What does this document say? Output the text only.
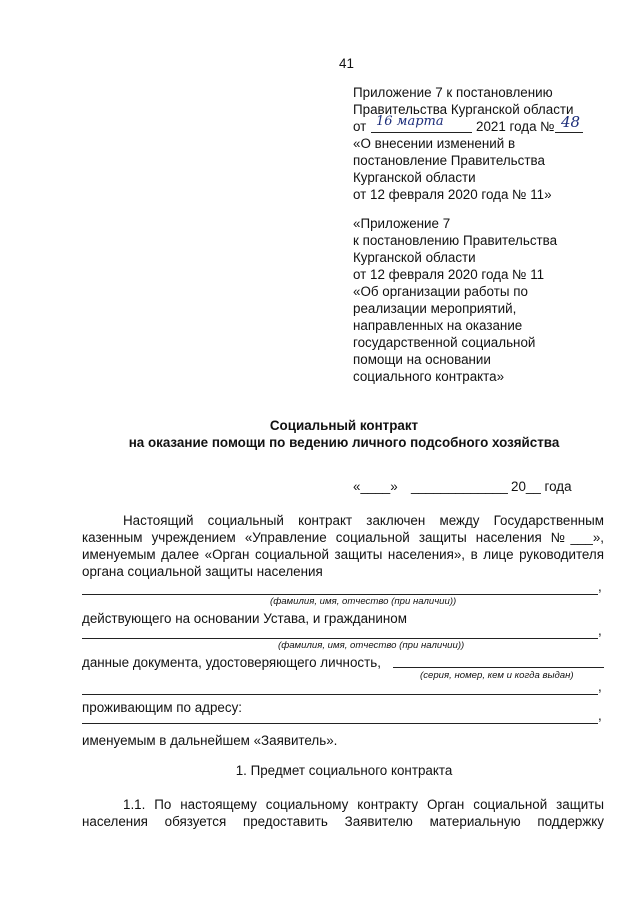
41
Приложение 7 к постановлению
Правительства Курганской области
от 16 марта 2021 года № 48
«О внесении изменений в
постановление Правительства
Курганской области
от 12 февраля 2020 года № 11»
«Приложение 7
к постановлению Правительства
Курганской области
от 12 февраля 2020 года № 11
«Об организации работы по
реализации мероприятий,
направленных на оказание
государственной социальной
помощи на основании
социального контракта»
Социальный контракт
на оказание помощи по ведению личного подсобного хозяйства
«____» _____________ 20__ года
Настоящий социальный контракт заключен между Государственным
казенным учреждением «Управление социальной защиты населения №___»,
именуемым далее «Орган социальной защиты населения», в лице руководителя
органа социальной защиты населения
,
(фамилия, имя, отчество (при наличии))
действующего на основании Устава, и гражданином
,
(фамилия, имя, отчество (при наличии))
данные документа, удостоверяющего личность,
(серия, номер, кем и когда выдан)
,
проживающим по адресу:
,
именуемым в дальнейшем «Заявитель».
1. Предмет социального контракта
1.1. По настоящему социальному контракту Орган социальной защиты
населения обязуется предоставить Заявителю материальную поддержку
